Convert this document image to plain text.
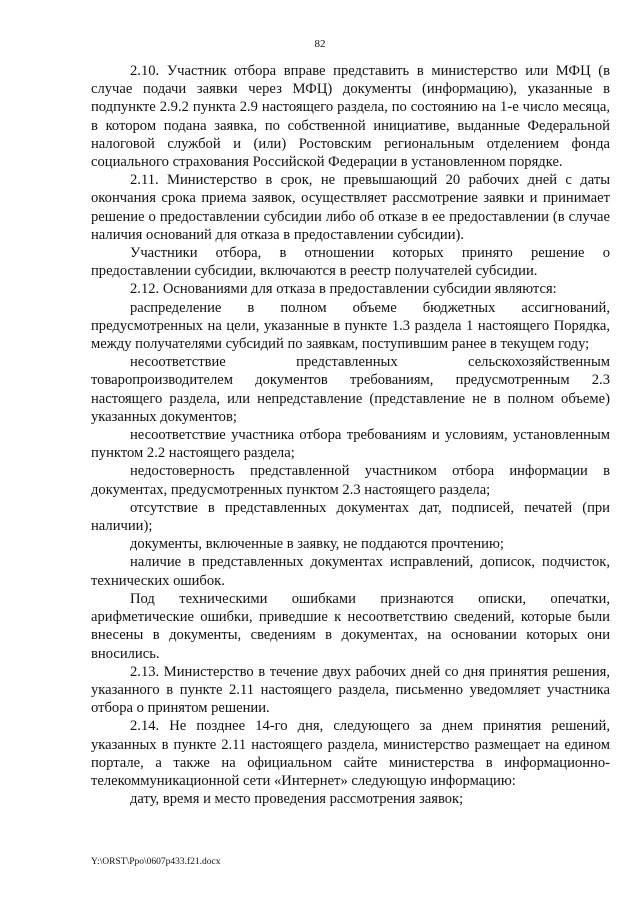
82

2.10. Участник отбора вправе представить в министерство или МФЦ (в случае подачи заявки через МФЦ) документы (информацию), указанные в подпункте 2.9.2 пункта 2.9 настоящего раздела, по состоянию на 1-е число месяца, в котором подана заявка, по собственной инициативе, выданные Федеральной налоговой службой и (или) Ростовским региональным отделением фонда социального страхования Российской Федерации в установленном порядке.

2.11. Министерство в срок, не превышающий 20 рабочих дней с даты окончания срока приема заявок, осуществляет рассмотрение заявки и принимает решение о предоставлении субсидии либо об отказе в ее предоставлении (в случае наличия оснований для отказа в предоставлении субсидии).

Участники отбора, в отношении которых принято решение о предоставлении субсидии, включаются в реестр получателей субсидии.

2.12. Основаниями для отказа в предоставлении субсидии являются:

распределение в полном объеме бюджетных ассигнований, предусмотренных на цели, указанные в пункте 1.3 раздела 1 настоящего Порядка, между получателями субсидий по заявкам, поступившим ранее в текущем году;

несоответствие представленных сельскохозяйственным товаропроизводителем документов требованиям, предусмотренным 2.3 настоящего раздела, или непредставление (представление не в полном объеме) указанных документов;

несоответствие участника отбора требованиям и условиям, установленным пунктом 2.2 настоящего раздела;

недостоверность представленной участником отбора информации в документах, предусмотренных пунктом 2.3 настоящего раздела;

отсутствие в представленных документах дат, подписей, печатей (при наличии);

документы, включенные в заявку, не поддаются прочтению;

наличие в представленных документах исправлений, дописок, подчисток, технических ошибок.

Под техническими ошибками признаются описки, опечатки, арифметические ошибки, приведшие к несоответствию сведений, которые были внесены в документы, сведениям в документах, на основании которых они вносились.

2.13. Министерство в течение двух рабочих дней со дня принятия решения, указанного в пункте 2.11 настоящего раздела, письменно уведомляет участника отбора о принятом решении.

2.14. Не позднее 14-го дня, следующего за днем принятия решений, указанных в пункте 2.11 настоящего раздела, министерство размещает на едином портале, а также на официальном сайте министерства в информационно-телекоммуникационной сети «Интернет» следующую информацию:

дату, время и место проведения рассмотрения заявок;

Y:\ORST\Ppo\0607p433.f21.docx
